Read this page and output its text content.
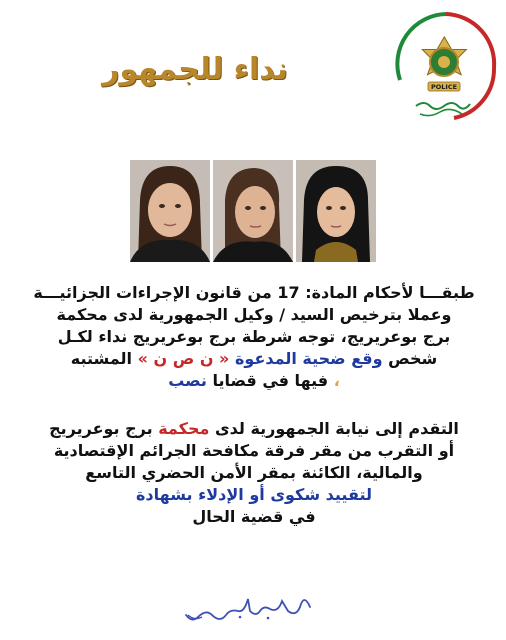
POLICE
نداء للجمهور

طبقـــا لأحكام المادة: 17 من قانون الإجراءات الجزائيـــة

وعملا بترخيص السيد / وكيل الجمهورية لدى محكمة

برج بوعريريج، توجه شرطة برج بوعريريج نداء لكـل

شخص وقع ضحية المدعوة « ن ص ن » المشتبه

، فيها في قضايا نصب

التقدم إلى نيابة الجمهورية لدى محكمة برج بوعريريج

أو التقرب من مقر فرقة مكافحة الجرائم الإقتصادية

والمالية، الكائنة بمقر الأمن الحضري التاسع

لتقييد شكوى أو الإدلاء بشهادة

في قضية الحال
